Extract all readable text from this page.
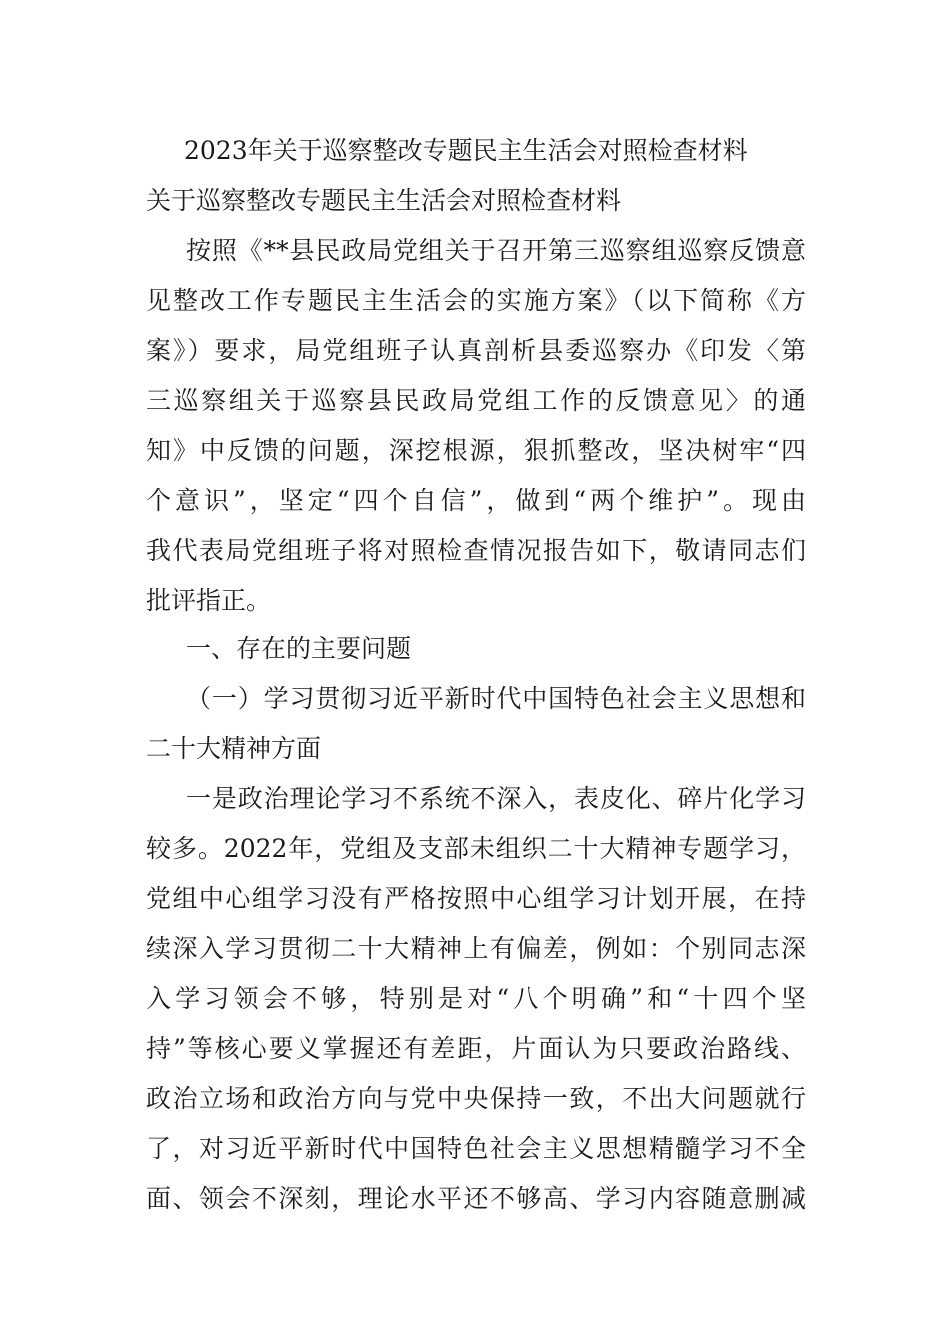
2023年关于巡察整改专题民主生活会对照检查材料
关于巡察整改专题民主生活会对照检查材料
按照《**县民政局党组关于召开第三巡察组巡察反馈意
见整改工作专题民主生活会的实施方案》（以下简称《方
案》）要求，局党组班子认真剖析县委巡察办《印发〈第
三巡察组关于巡察县民政局党组工作的反馈意见〉的通
知》中反馈的问题，深挖根源，狠抓整改，坚决树牢“四
个意识”，坚定“四个自信”，做到“两个维护”。现由
我代表局党组班子将对照检查情况报告如下，敬请同志们
批评指正。
一、存在的主要问题
（一）学习贯彻习近平新时代中国特色社会主义思想和
二十大精神方面
一是政治理论学习不系统不深入，表皮化、碎片化学习
较多。2022年，党组及支部未组织二十大精神专题学习，
党组中心组学习没有严格按照中心组学习计划开展，在持
续深入学习贯彻二十大精神上有偏差，例如：个别同志深
入学习领会不够，特别是对“八个明确”和“十四个坚
持”等核心要义掌握还有差距，片面认为只要政治路线、
政治立场和政治方向与党中央保持一致，不出大问题就行
了，对习近平新时代中国特色社会主义思想精髓学习不全
面、领会不深刻，理论水平还不够高、学习内容随意删减
